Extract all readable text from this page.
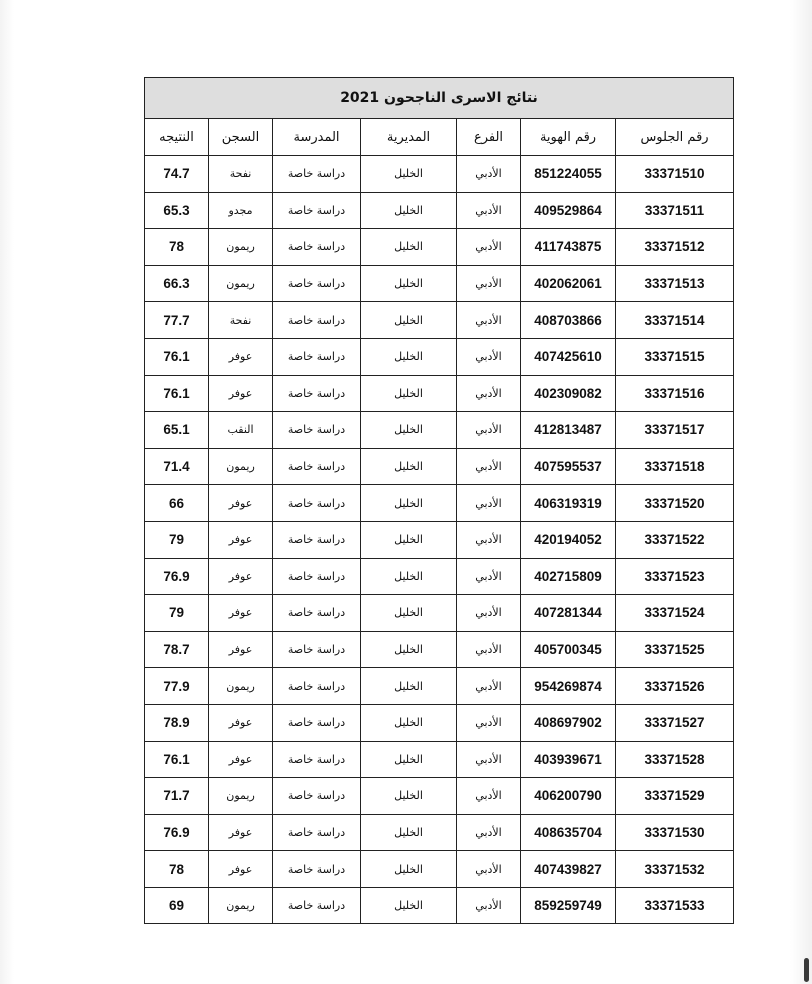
نتائج الاسرى الناجحون 2021						
رقم الجلوس	رقم الهوية	الفرع	المديرية	المدرسة	السجن	النتيجه
33371510	851224055	الأدبي	الخليل	دراسة خاصة	نفحة	74.7
33371511	409529864	الأدبي	الخليل	دراسة خاصة	مجدو	65.3
33371512	411743875	الأدبي	الخليل	دراسة خاصة	ريمون	78
33371513	402062061	الأدبي	الخليل	دراسة خاصة	ريمون	66.3
33371514	408703866	الأدبي	الخليل	دراسة خاصة	نفحة	77.7
33371515	407425610	الأدبي	الخليل	دراسة خاصة	عوفر	76.1
33371516	402309082	الأدبي	الخليل	دراسة خاصة	عوفر	76.1
33371517	412813487	الأدبي	الخليل	دراسة خاصة	النقب	65.1
33371518	407595537	الأدبي	الخليل	دراسة خاصة	ريمون	71.4
33371520	406319319	الأدبي	الخليل	دراسة خاصة	عوفر	66
33371522	420194052	الأدبي	الخليل	دراسة خاصة	عوفر	79
33371523	402715809	الأدبي	الخليل	دراسة خاصة	عوفر	76.9
33371524	407281344	الأدبي	الخليل	دراسة خاصة	عوفر	79
33371525	405700345	الأدبي	الخليل	دراسة خاصة	عوفر	78.7
33371526	954269874	الأدبي	الخليل	دراسة خاصة	ريمون	77.9
33371527	408697902	الأدبي	الخليل	دراسة خاصة	عوفر	78.9
33371528	403939671	الأدبي	الخليل	دراسة خاصة	عوفر	76.1
33371529	406200790	الأدبي	الخليل	دراسة خاصة	ريمون	71.7
33371530	408635704	الأدبي	الخليل	دراسة خاصة	عوفر	76.9
33371532	407439827	الأدبي	الخليل	دراسة خاصة	عوفر	78
33371533	859259749	الأدبي	الخليل	دراسة خاصة	ريمون	69
